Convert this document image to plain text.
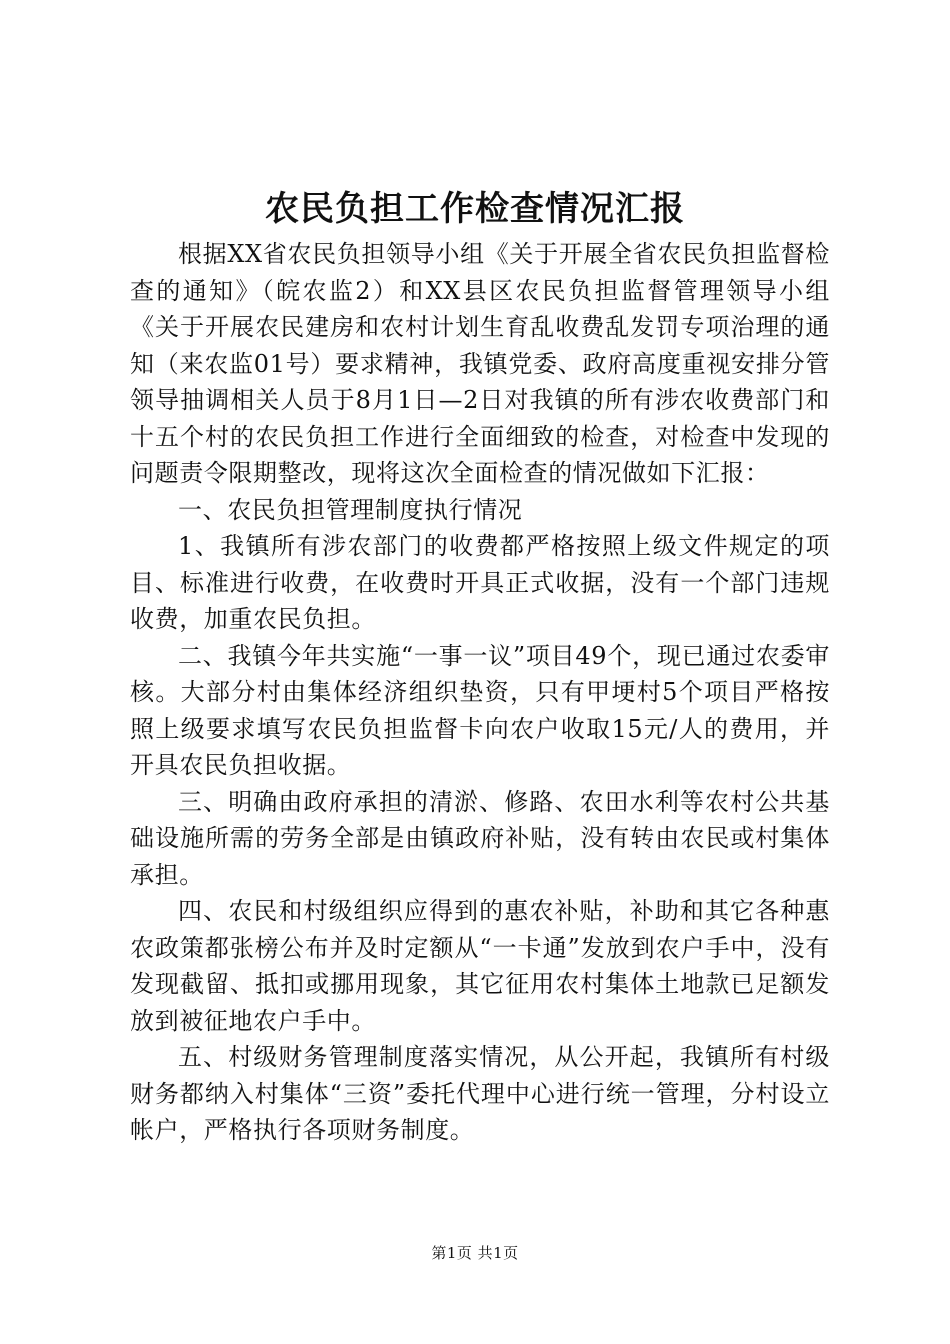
农民负担工作检查情况汇报

根据XX省农民负担领导小组《关于开展全省农民负担监督检查的通知》（皖农监2）和XX县区农民负担监督管理领导小组《关于开展农民建房和农村计划生育乱收费乱发罚专项治理的通知（来农监01号）要求精神，我镇党委、政府高度重视安排分管领导抽调相关人员于8月1日—2日对我镇的所有涉农收费部门和十五个村的农民负担工作进行全面细致的检查，对检查中发现的问题责令限期整改，现将这次全面检查的情况做如下汇报：

一、农民负担管理制度执行情况

1、我镇所有涉农部门的收费都严格按照上级文件规定的项目、标准进行收费，在收费时开具正式收据，没有一个部门违规收费，加重农民负担。

二、我镇今年共实施“一事一议”项目49个，现已通过农委审核。大部分村由集体经济组织垫资，只有甲埂村5个项目严格按照上级要求填写农民负担监督卡向农户收取15元/人的费用，并开具农民负担收据。

三、明确由政府承担的清淤、修路、农田水利等农村公共基础设施所需的劳务全部是由镇政府补贴，没有转由农民或村集体承担。

四、农民和村级组织应得到的惠农补贴，补助和其它各种惠农政策都张榜公布并及时定额从“一卡通”发放到农户手中，没有发现截留、抵扣或挪用现象，其它征用农村集体土地款已足额发放到被征地农户手中。

五、村级财务管理制度落实情况，从公开起，我镇所有村级财务都纳入村集体“三资”委托代理中心进行统一管理，分村设立帐户，严格执行各项财务制度。

第1页 共1页
